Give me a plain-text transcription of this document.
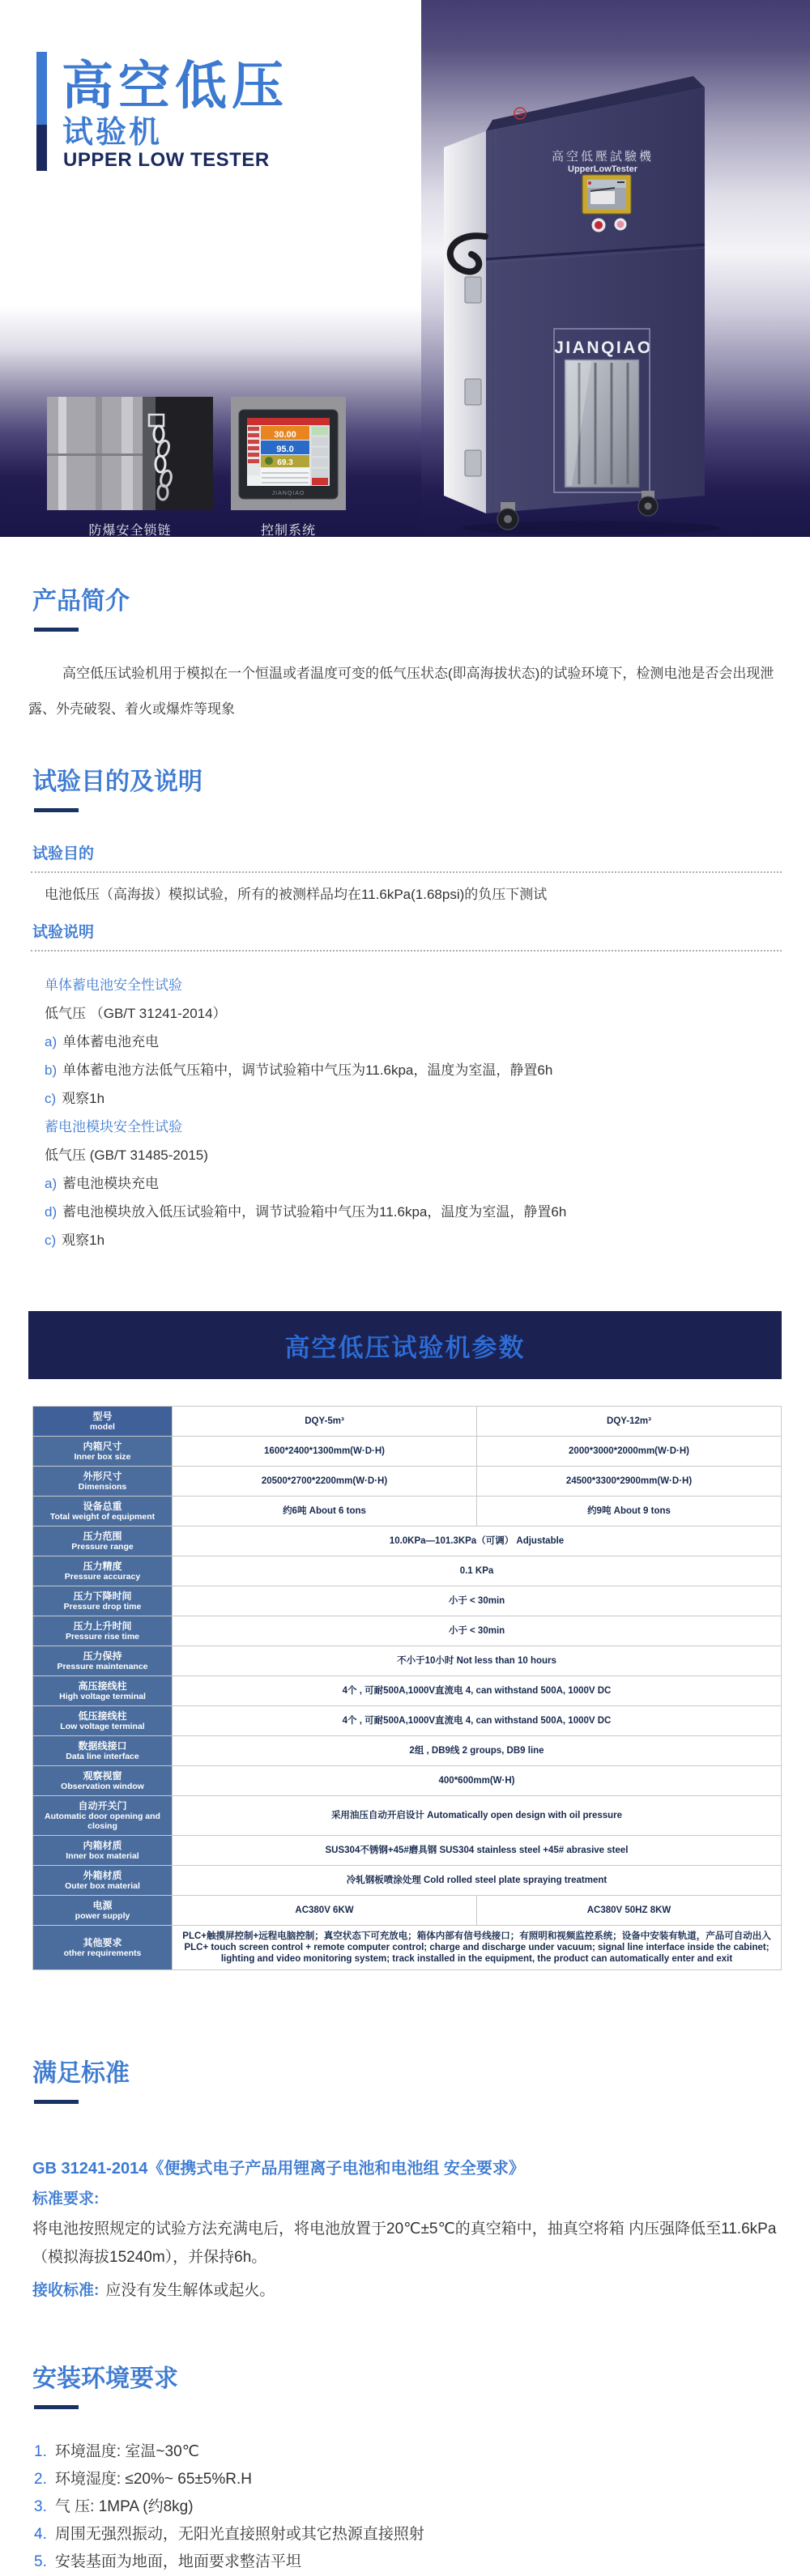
高空低壓試驗機
UpperLowTester
JIANQIAO
高空低压
试验机
UPPER LOW TESTER
30.00
95.0
69.3
JIANQIAO
防爆安全锁链	控制系统
产品简介

高空低压试验机用于模拟在一个恒温或者温度可变的低气压状态(即高海拔状态)的试验环境下，检测电池是否会出现泄露、外壳破裂、着火或爆炸等现象

试验目的及说明
试验目的
电池低压（高海拔）模拟试验，所有的被测样品均在11.6kPa(1.68psi)的负压下测试
试验说明
单体蓄电池安全性试验
低气压 （GB/T 31241-2014）
a) 单体蓄电池充电
b) 单体蓄电池方法低气压箱中，调节试验箱中气压为11.6kpa，温度为室温，静置6h
c) 观察1h
蓄电池模块安全性试验
低气压 (GB/T 31485-2015)
a) 蓄电池模块充电
d) 蓄电池模块放入低压试验箱中，调节试验箱中气压为11.6kpa，温度为室温，静置6h
c) 观察1h
高空低压试验机参数
型号
model	DQY-5m³	DQY-12m³

内箱尺寸
Inner box size	1600*2400*1300mm(W·D·H)	2000*3000*2000mm(W·D·H)

外形尺寸
Dimensions	20500*2700*2200mm(W·D·H)	24500*3300*2900mm(W·D·H)

设备总重
Total weight of equipment	约6吨 About 6 tons	约9吨 About 9 tons

压力范围
Pressure range	10.0KPa—101.3KPa（可调） Adjustable	

压力精度
Pressure accuracy	0.1 KPa	

压力下降时间
Pressure drop time	小于 < 30min	

压力上升时间
Pressure rise time	小于 < 30min	

压力保持
Pressure maintenance	不小于10小时 Not less than 10 hours	

高压接线柱
High voltage terminal	4个 , 可耐500A,1000V直流电 4, can withstand 500A, 1000V DC	

低压接线柱
Low voltage terminal	4个 , 可耐500A,1000V直流电 4, can withstand 500A, 1000V DC	

数据线接口
Data line interface	2组 , DB9线 2 groups, DB9 line	

观察视窗
Observation window	400*600mm(W·H)	

自动开关门
Automatic door opening and closing	采用油压自动开启设计 Automatically open design with oil pressure	

内箱材质
Inner box material	SUS304不锈钢+45#磨具钢 SUS304 stainless steel +45# abrasive steel	

外箱材质
Outer box material	冷轧钢板喷涂处理 Cold rolled steel plate spraying treatment	

电源
power supply	AC380V 6KW	AC380V 50HZ 8KW

其他要求
other requirements	PLC+触摸屏控制+远程电脑控制；真空状态下可充放电；箱体内部有信号线接口；有照明和视频监控系统；设备中安装有轨道，产品可自动出入 PLC+ touch screen control + remote computer control; charge and discharge under vacuum; signal line interface inside the cabinet; lighting and video monitoring system; track installed in the equipment, the product can automatically enter and exit	
满足标准
GB 31241-2014《便携式电子产品用锂离子电池和电池组 安全要求》
标准要求:
将电池按照规定的试验方法充满电后，将电池放置于20℃±5℃的真空箱中，抽真空将箱 内压强降低至11.6kPa（模拟海拔15240m），并保持6h。
接收标准: 应没有发生解体或起火。
安装环境要求
1. 环境温度: 室温~30℃
2. 环境湿度: ≤20%~ 65±5%R.H
3. 气 压: 1MPA (约8kg)
4. 周围无强烈振动，无阳光直接照射或其它热源直接照射
5. 安装基面为地面，地面要求整洁平坦
